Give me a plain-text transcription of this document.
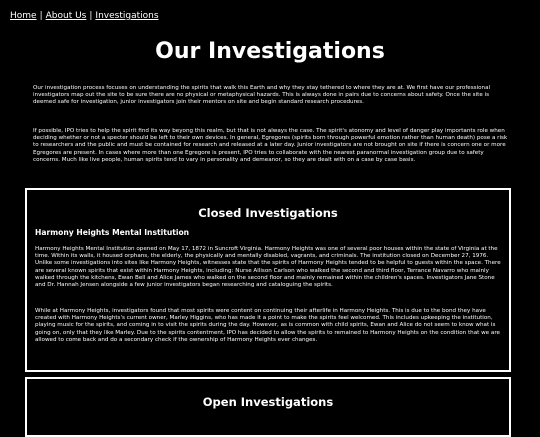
Home | About Us | Investigations
Our Investigations

Our investigation process focuses on understanding the spirits that walk this Earth and why they stay tethered to where they are at. We first have our professional investigators map out the site to be sure there are no physical or metaphysical hazards. This is always done in pairs due to concerns about safety. Once the site is deemed safe for investigation, junior investigators join their mentors on site and begin standard research procedures.

If possible, IPO tries to help the spirit find its way beyong this realm, but that is not always the case. The spirit's atonomy and level of danger play importants role when deciding whether or not a specter should be left to their own devices. In general, Egregores (spirits born through powerful emotion rather than human death) pose a risk to researchers and the public and must be contained for research and released at a later day. Junior investigators are not brought on site if there is concern one or more Egregores are present. In cases where more than one Egregore is present, IPO tries to collaborate with the nearest paranormal investigation group due to safety concerns. Much like live people, human spirits tend to vary in personality and demeanor, so they are dealt with on a case by case basis.

Closed Investigations
Harmony Heights Mental Institution

Harmony Heights Mental Institution opened on May 17, 1872 in Suncroft Virginia. Harmony Heights was one of several poor houses within the state of Virginia at the time. Within its walls, it housed orphans, the elderly, the physically and mentally disabled, vagrants, and criminals. The institution closed on December 27, 1976. Unlike some investigations into sites like Harmony Heights, witnesses state that the spirits of Harmony Heights tended to be helpful to guests within the space. There are several known spirits that exist within Harmony Heights, including: Nurse Allison Carlson who walked the second and third floor, Terrance Navarro who mainly walked through the kitchens, Ewan Bell and Alice James who walked on the second floor and mainly remained within the children's spaces. Investigators Jane Stone and Dr. Hannah Jensen alongside a few junior investigators began researching and cataloguing the spirits.

While at Harmony Heights, investigators found that most spirits were content on continuing their afterlife in Harmony Heights. This is due to the bond they have created with Harmony Heights's current owner, Marley Higgins, who has made it a point to make the spirits feel welcomed. This includes upkeeping the institution, playing music for the spirits, and coming in to visit the spirits during the day. However, as is common with child spirits, Ewan and Alice do not seem to know what is going on, only that they like Marley. Due to the spirits contentment, IPO has decided to allow the spirits to remained to Harmony Heights on the condition that we are allowed to come back and do a secondary check if the ownership of Harmony Heights ever changes.

Open Investigations
